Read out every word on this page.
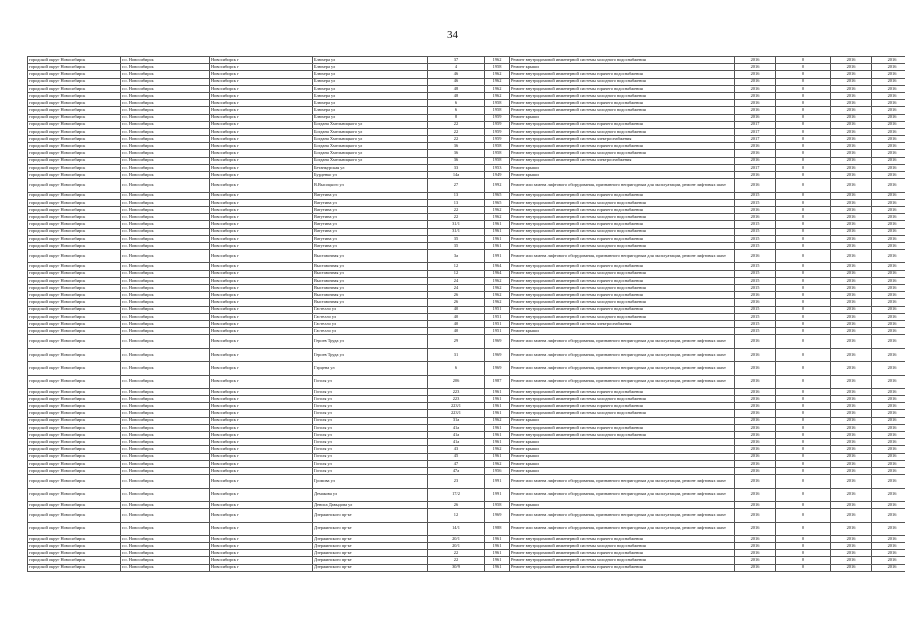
34
городской округ Новосибирск	г.о. Новосибирск	Новосибирск г	Блюхера ул	37	1962	Ремонт внутридомовой инженерной системы холодного водоснабжения	2016	0	2016	2016
городской округ Новосибирск	г.о. Новосибирск	Новосибирск г	Блюхера ул	4	1958	Ремонт крыши	2016	0	2016	2016
городской округ Новосибирск	г.о. Новосибирск	Новосибирск г	Блюхера ул	46	1962	Ремонт внутридомовой инженерной системы горячего водоснабжения	2016	0	2016	2016
городской округ Новосибирск	г.о. Новосибирск	Новосибирск г	Блюхера ул	46	1962	Ремонт внутридомовой инженерной системы холодного водоснабжения	2016	0	2016	2016
городской округ Новосибирск	г.о. Новосибирск	Новосибирск г	Блюхера ул	48	1962	Ремонт внутридомовой инженерной системы горячего водоснабжения	2016	0	2016	2016
городской округ Новосибирск	г.о. Новосибирск	Новосибирск г	Блюхера ул	48	1962	Ремонт внутридомовой инженерной системы холодного водоснабжения	2016	0	2016	2016
городской округ Новосибирск	г.о. Новосибирск	Новосибирск г	Блюхера ул	6	1958	Ремонт внутридомовой инженерной системы горячего водоснабжения	2016	0	2016	2016
городской округ Новосибирск	г.о. Новосибирск	Новосибирск г	Блюхера ул	6	1958	Ремонт внутридомовой инженерной системы холодного водоснабжения	2016	0	2016	2016
городской округ Новосибирск	г.о. Новосибирск	Новосибирск г	Блюхера ул	8	1959	Ремонт крыши	2016	0	2016	2016
городской округ Новосибирск	г.о. Новосибирск	Новосибирск г	Богдана Хмельницкого ул	22	1959	Ремонт внутридомовой инженерной системы горячего водоснабжения	2017	0	2016	2016
городской округ Новосибирск	г.о. Новосибирск	Новосибирск г	Богдана Хмельницкого ул	22	1959	Ремонт внутридомовой инженерной системы холодного водоснабжения	2017	0	2016	2016
городской округ Новосибирск	г.о. Новосибирск	Новосибирск г	Богдана Хмельницкого ул	22	1959	Ремонт внутридомовой инженерной системы электроснабжения	2017	0	2016	2016
городской округ Новосибирск	г.о. Новосибирск	Новосибирск г	Богдана Хмельницкого ул	36	1958	Ремонт внутридомовой инженерной системы горячего водоснабжения	2016	0	2016	2016
городской округ Новосибирск	г.о. Новосибирск	Новосибирск г	Богдана Хмельницкого ул	36	1958	Ремонт внутридомовой инженерной системы холодного водоснабжения	2016	0	2016	2016
городской округ Новосибирск	г.о. Новосибирск	Новосибирск г	Богдана Хмельницкого ул	36	1958	Ремонт внутридомовой инженерной системы электроснабжения	2016	0	2016	2016
городской округ Новосибирск	г.о. Новосибирск	Новосибирск г	Бетанкурская ул	33	1953	Ремонт крыши	2017	0	2016	2016
городской округ Новосибирск	г.о. Новосибирск	Новосибирск г	Бурденко ул	14а	1949	Ремонт крыши	2016	0	2016	2016
городской округ Новосибирск	г.о. Новосибирск	Новосибирск г	В.Высоцкого ул	27	1992	Ремонт или замена лифтового оборудования, признанного непригодным для эксплуатации, ремонт лифтовых шахт	2016	0	2016	2016
городской округ Новосибирск	г.о. Новосибирск	Новосибирск г	Ватутина ул	13	1965	Ремонт внутридомовой инженерной системы горячего водоснабжения	2015	0	2016	2016
городской округ Новосибирск	г.о. Новосибирск	Новосибирск г	Ватутина ул	13	1965	Ремонт внутридомовой инженерной системы холодного водоснабжения	2015	0	2016	2016
городской округ Новосибирск	г.о. Новосибирск	Новосибирск г	Ватутина ул	22	1962	Ремонт внутридомовой инженерной системы горячего водоснабжения	2016	0	2016	2016
городской округ Новосибирск	г.о. Новосибирск	Новосибирск г	Ватутина ул	22	1962	Ремонт внутридомовой инженерной системы холодного водоснабжения	2016	0	2016	2016
городской округ Новосибирск	г.о. Новосибирск	Новосибирск г	Ватутина ул	31/1	1961	Ремонт внутридомовой инженерной системы горячего водоснабжения	2015	0	2016	2016
городской округ Новосибирск	г.о. Новосибирск	Новосибирск г	Ватутина ул	31/1	1961	Ремонт внутридомовой инженерной системы холодного водоснабжения	2015	0	2016	2016
городской округ Новосибирск	г.о. Новосибирск	Новосибирск г	Ватутина ул	35	1961	Ремонт внутридомовой инженерной системы горячего водоснабжения	2015	0	2016	2016
городской округ Новосибирск	г.о. Новосибирск	Новосибирск г	Ватутина ул	35	1961	Ремонт внутридомовой инженерной системы холодного водоснабжения	2015	0	2016	2016
городской округ Новосибирск	г.о. Новосибирск	Новосибирск г	Выставочная ул	3а	1991	Ремонт или замена лифтового оборудования, признанного непригодным для эксплуатации, ремонт лифтовых шахт	2016	0	2016	2016
городской округ Новосибирск	г.о. Новосибирск	Новосибирск г	Выставочная ул	12	1964	Ремонт внутридомовой инженерной системы горячего водоснабжения	2015	0	2016	2016
городской округ Новосибирск	г.о. Новосибирск	Новосибирск г	Выставочная ул	12	1964	Ремонт внутридомовой инженерной системы холодного водоснабжения	2015	0	2016	2016
городской округ Новосибирск	г.о. Новосибирск	Новосибирск г	Выставочная ул	24	1962	Ремонт внутридомовой инженерной системы горячего водоснабжения	2015	0	2016	2016
городской округ Новосибирск	г.о. Новосибирск	Новосибирск г	Выставочная ул	24	1962	Ремонт внутридомовой инженерной системы холодного водоснабжения	2015	0	2016	2016
городской округ Новосибирск	г.о. Новосибирск	Новосибирск г	Выставочная ул	26	1962	Ремонт внутридомовой инженерной системы горячего водоснабжения	2016	0	2016	2016
городской округ Новосибирск	г.о. Новосибирск	Новосибирск г	Выставочная ул	26	1962	Ремонт внутридомовой инженерной системы холодного водоснабжения	2016	0	2016	2016
городской округ Новосибирск	г.о. Новосибирск	Новосибирск г	Гастелло ул	40	1951	Ремонт внутридомовой инженерной системы горячего водоснабжения	2015	0	2016	2016
городской округ Новосибирск	г.о. Новосибирск	Новосибирск г	Гастелло ул	40	1951	Ремонт внутридомовой инженерной системы холодного водоснабжения	2015	0	2016	2016
городской округ Новосибирск	г.о. Новосибирск	Новосибирск г	Гастелло ул	40	1951	Ремонт внутридомовой инженерной системы электроснабжения	2015	0	2016	2016
городской округ Новосибирск	г.о. Новосибирск	Новосибирск г	Гастелло ул	40	1951	Ремонт крыши	2015	0	2016	2016
городской округ Новосибирск	г.о. Новосибирск	Новосибирск г	Героев Труда ул	29	1969	Ремонт или замена лифтового оборудования, признанного непригодным для эксплуатации, ремонт лифтовых шахт	2016	0	2016	2016
городской округ Новосибирск	г.о. Новосибирск	Новосибирск г	Героев Труда ул	31	1969	Ремонт или замена лифтового оборудования, признанного непригодным для эксплуатации, ремонт лифтовых шахт	2016	0	2016	2016
городской округ Новосибирск	г.о. Новосибирск	Новосибирск г	Гэрцена ул	6	1969	Ремонт или замена лифтового оборудования, признанного непригодным для эксплуатации, ремонт лифтовых шахт	2016	0	2016	2016
городской округ Новосибирск	г.о. Новосибирск	Новосибирск г	Гоголя ул	206	1987	Ремонт или замена лифтового оборудования, признанного непригодным для эксплуатации, ремонт лифтовых шахт	2016	0	2016	2016
городской округ Новосибирск	г.о. Новосибирск	Новосибирск г	Гоголя ул	223	1961	Ремонт внутридомовой инженерной системы горячего водоснабжения	2016	0	2016	2016
городской округ Новосибирск	г.о. Новосибирск	Новосибирск г	Гоголя ул	223	1961	Ремонт внутридомовой инженерной системы холодного водоснабжения	2016	0	2016	2016
городской округ Новосибирск	г.о. Новосибирск	Новосибирск г	Гоголя ул	223/1	1961	Ремонт внутридомовой инженерной системы горячего водоснабжения	2016	0	2016	2016
городской округ Новосибирск	г.о. Новосибирск	Новосибирск г	Гоголя ул	223/1	1961	Ремонт внутридомовой инженерной системы холодного водоснабжения	2016	0	2016	2016
городской округ Новосибирск	г.о. Новосибирск	Новосибирск г	Гоголя ул	31а	1962	Ремонт крыши	2016	0	2016	2016
городской округ Новосибирск	г.о. Новосибирск	Новосибирск г	Гоголя ул	41а	1961	Ремонт внутридомовой инженерной системы горячего водоснабжения	2016	0	2016	2016
городской округ Новосибирск	г.о. Новосибирск	Новосибирск г	Гоголя ул	41а	1961	Ремонт внутридомовой инженерной системы холодного водоснабжения	2016	0	2016	2016
городской округ Новосибирск	г.о. Новосибирск	Новосибирск г	Гоголя ул	41а	1961	Ремонт крыши	2016	0	2016	2016
городской округ Новосибирск	г.о. Новосибирск	Новосибирск г	Гоголя ул	43	1962	Ремонт крыши	2016	0	2016	2016
городской округ Новосибирск	г.о. Новосибирск	Новосибирск г	Гоголя ул	45	1961	Ремонт крыши	2016	0	2016	2016
городской округ Новосибирск	г.о. Новосибирск	Новосибирск г	Гоголя ул	47	1962	Ремонт крыши	2016	0	2016	2016
городской округ Новосибирск	г.о. Новосибирск	Новосибирск г	Гоголя ул	47а	1956	Ремонт крыши	2016	0	2016	2016
городской округ Новосибирск	г.о. Новосибирск	Новосибирск г	Громова ул	23	1991	Ремонт или замена лифтового оборудования, признанного непригодным для эксплуатации, ремонт лифтовых шахт	2016	0	2016	2016
городской округ Новосибирск	г.о. Новосибирск	Новосибирск г	Демакова ул	17/2	1991	Ремонт или замена лифтового оборудования, признанного непригодным для эксплуатации, ремонт лифтовых шахт	2016	0	2016	2016
городской округ Новосибирск	г.о. Новосибирск	Новосибирск г	Денисa Давыдова ул	26	1958	Ремонт крыши	2016	0	2016	2016
городской округ Новосибирск	г.о. Новосибирск	Новосибирск г	Дзержинского пр-кт	12	1969	Ремонт или замена лифтового оборудования, признанного непригодным для эксплуатации, ремонт лифтовых шахт	2016	0	2016	2016
городской округ Новосибирск	г.о. Новосибирск	Новосибирск г	Дзержинского пр-кт	14/1	1988	Ремонт или замена лифтового оборудования, признанного непригодным для эксплуатации, ремонт лифтовых шахт	2016	0	2016	2016
городской округ Новосибирск	г.о. Новосибирск	Новосибирск г	Дзержинского пр-кт	20/1	1961	Ремонт внутридомовой инженерной системы горячего водоснабжения	2016	0	2016	2016
городской округ Новосибирск	г.о. Новосибирск	Новосибирск г	Дзержинского пр-кт	20/1	1961	Ремонт внутридомовой инженерной системы холодного водоснабжения	2016	0	2016	2016
городской округ Новосибирск	г.о. Новосибирск	Новосибирск г	Дзержинского пр-кт	22	1961	Ремонт внутридомовой инженерной системы горячего водоснабжения	2016	0	2016	2016
городской округ Новосибирск	г.о. Новосибирск	Новосибирск г	Дзержинского пр-кт	22	1961	Ремонт внутридомовой инженерной системы холодного водоснабжения	2016	0	2016	2016
городской округ Новосибирск	г.о. Новосибирск	Новосибирск г	Дзержинского пр-кт	30/9	1961	Ремонт внутридомовой инженерной системы горячего водоснабжения	2016	0	2016	2016
